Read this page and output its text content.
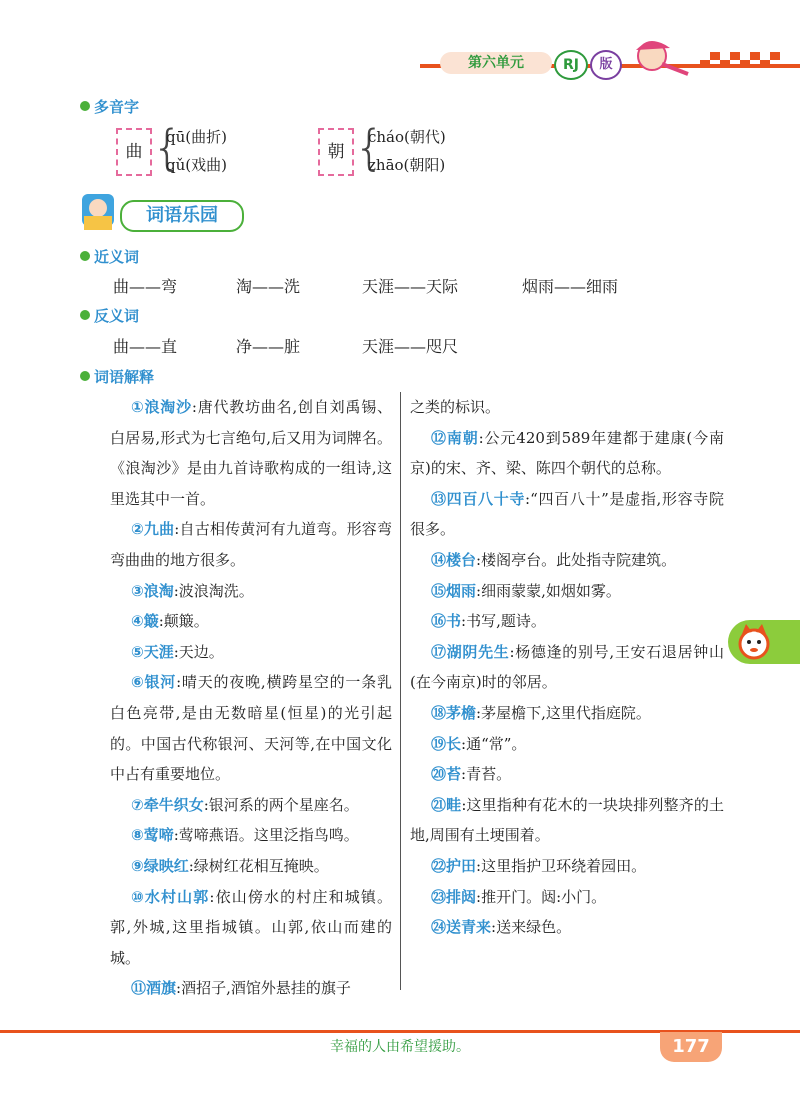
第六单元	RJ	版
多音字
曲 {
qū(曲折)
qǔ(戏曲)
朝 {
cháo(朝代)
zhāo(朝阳)
词语乐园
近义词
曲——弯	淘——洗	天涯——天际	烟雨——细雨
反义词
曲——直	净——脏	天涯——咫尺
词语解释

①浪淘沙:唐代教坊曲名,创自刘禹锡、白居易,形式为七言绝句,后又用为词牌名。《浪淘沙》是由九首诗歌构成的一组诗,这里选其中一首。

②九曲:自古相传黄河有九道弯。形容弯弯曲曲的地方很多。

③浪淘:波浪淘洗。

④簸:颠簸。

⑤天涯:天边。

⑥银河:晴天的夜晚,横跨星空的一条乳白色亮带,是由无数暗星(恒星)的光引起的。中国古代称银河、天河等,在中国文化中占有重要地位。

⑦牵牛织女:银河系的两个星座名。

⑧莺啼:莺啼燕语。这里泛指鸟鸣。

⑨绿映红:绿树红花相互掩映。

⑩水村山郭:依山傍水的村庄和城镇。郭,外城,这里指城镇。山郭,依山而建的城。

⑪酒旗:酒招子,酒馆外悬挂的旗子

之类的标识。

⑫南朝:公元420到589年建都于建康(今南京)的宋、齐、梁、陈四个朝代的总称。

⑬四百八十寺:“四百八十”是虚指,形容寺院很多。

⑭楼台:楼阁亭台。此处指寺院建筑。

⑮烟雨:细雨蒙蒙,如烟如雾。

⑯书:书写,题诗。

⑰湖阴先生:杨德逢的别号,王安石退居钟山(在今南京)时的邻居。

⑱茅檐:茅屋檐下,这里代指庭院。

⑲长:通“常”。

⑳苔:青苔。

㉑畦:这里指种有花木的一块块排列整齐的土地,周围有土埂围着。

㉒护田:这里指护卫环绕着园田。

㉓排闼:推开门。闼:小门。

㉔送青来:送来绿色。

幸福的人由希望援助。	177
